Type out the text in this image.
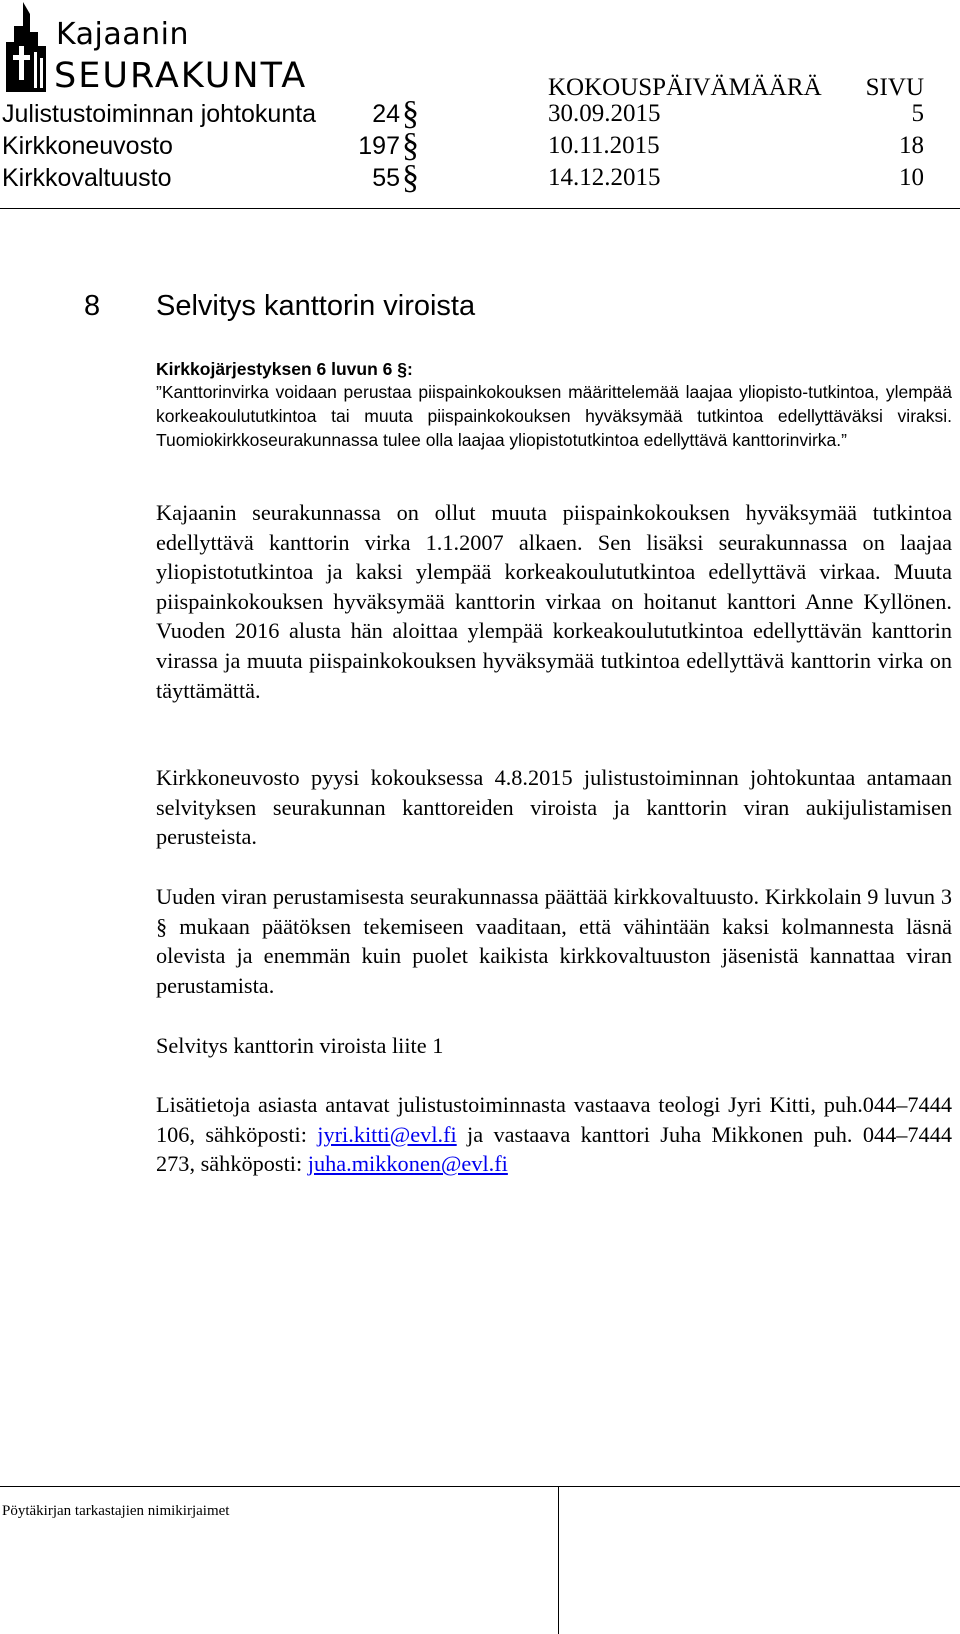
Kajaanin
SEURAKUNTA	KOKOUSPÄIVÄMÄÄRÄ SIVU
Julistustoiminnan johtokunta 24 §	30.09.2015	5
Kirkkoneuvosto	197 §	10.11.2015	18
Kirkkovaltuusto	55 §	14.12.2015	10
8 Selvitys kanttorin viroista
Kirkkojärjestyksen 6 luvun 6 §:
”Kanttorinvirka voidaan perustaa piispainkokouksen määrittelemää laajaa yliopisto-tutkintoa, ylempää korkeakoulututkintoa tai muuta piispainkokouksen hyväksymää tutkintoa edellyttäväksi viraksi. Tuomiokirkkoseurakunnassa tulee olla laajaa yliopistotutkintoa edellyttävä kanttorinvirka.”
Kajaanin seurakunnassa on ollut muuta piispainkokouksen hyväksymää tutkintoa edellyttävä kanttorin virka 1.1.2007 alkaen. Sen lisäksi seurakunnassa on laajaa yliopistotutkintoa ja kaksi ylempää korkeakoulututkintoa edellyttävä virkaa. Muuta piispainkokouksen hyväksymää kanttorin virkaa on hoitanut kanttori Anne Kyllönen. Vuoden 2016 alusta hän aloittaa ylempää korkeakoulututkintoa edellyttävän kanttorin virassa ja muuta piispainkokouksen hyväksymää tutkintoa edellyttävä kanttorin virka on täyttämättä.
Kirkkoneuvosto pyysi kokouksessa 4.8.2015 julistustoiminnan johtokuntaa antamaan selvityksen seurakunnan kanttoreiden viroista ja kanttorin viran aukijulistamisen perusteista.
Uuden viran perustamisesta seurakunnassa päättää kirkkovaltuusto. Kirkkolain 9 luvun 3 § mukaan päätöksen tekemiseen vaaditaan, että vähintään kaksi kolmannesta läsnä olevista ja enemmän kuin puolet kaikista kirkkovaltuuston jäsenistä kannattaa viran perustamista.
Selvitys kanttorin viroista liite 1
Lisätietoja asiasta antavat julistustoiminnasta vastaava teologi Jyri Kitti, puh.044–7444 106, sähköposti: jyri.kitti@evl.fi ja vastaava kanttori Juha Mikkonen puh. 044–7444 273, sähköposti: juha.mikkonen@evl.fi
Pöytäkirjan tarkastajien nimikirjaimet
